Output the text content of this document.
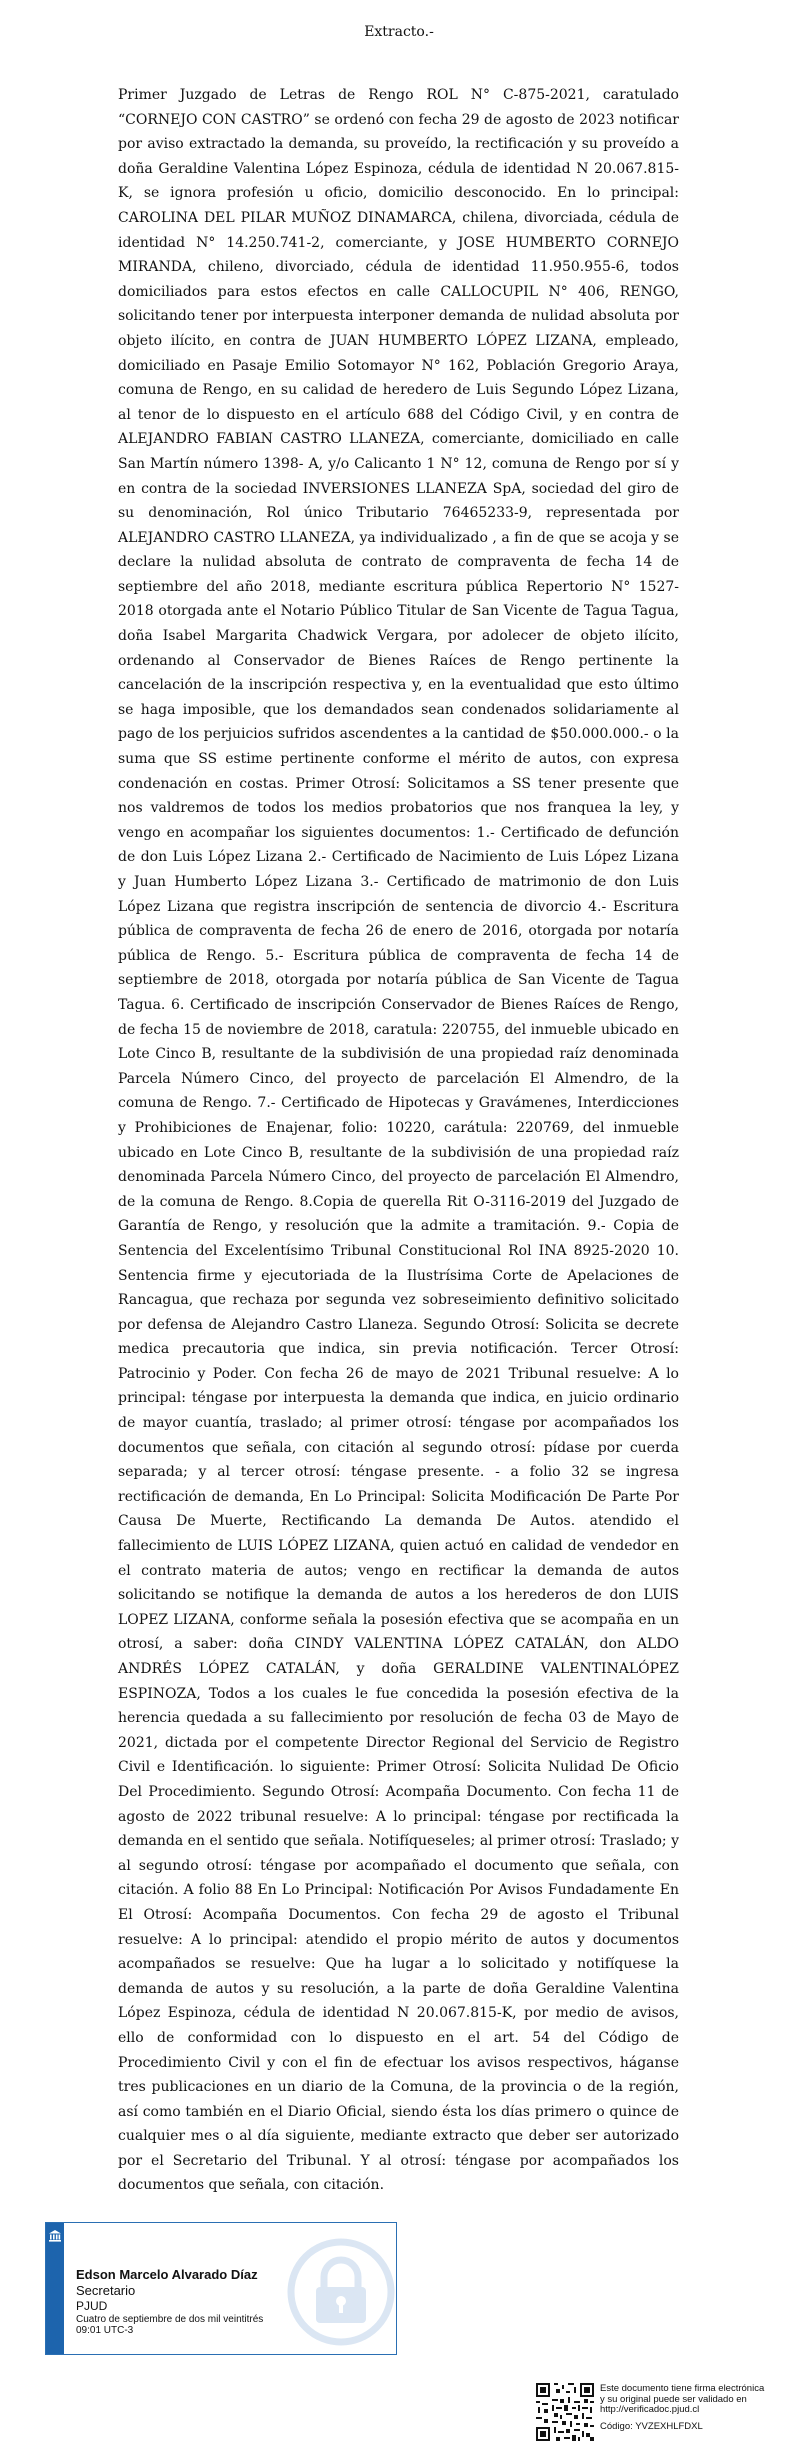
Extracto.-

Primer Juzgado de Letras de Rengo ROL N° C-875-2021, caratulado “CORNEJO CON CASTRO” se ordenó con fecha 29 de agosto de 2023 notificar por aviso extractado la demanda, su proveído, la rectificación y su proveído a doña Geraldine Valentina López Espinoza, cédula de identidad N 20.067.815-K, se ignora profesión u oficio, domicilio desconocido. En lo principal: CAROLINA DEL PILAR MUÑOZ DINAMARCA, chilena, divorciada, cédula de identidad N° 14.250.741-2, comerciante, y JOSE HUMBERTO CORNEJO MIRANDA, chileno, divorciado, cédula de identidad 11.950.955-6, todos domiciliados para estos efectos en calle CALLOCUPIL N° 406, RENGO, solicitando tener por interpuesta interponer demanda de nulidad absoluta por objeto ilícito, en contra de JUAN HUMBERTO LÓPEZ LIZANA, empleado, domiciliado en Pasaje Emilio Sotomayor N° 162, Población Gregorio Araya, comuna de Rengo, en su calidad de heredero de Luis Segundo López Lizana, al tenor de lo dispuesto en el artículo 688 del Código Civil, y en contra de ALEJANDRO FABIAN CASTRO LLANEZA, comerciante, domiciliado en calle San Martín número 1398- A, y/o Calicanto 1 N° 12, comuna de Rengo por sí y en contra de la sociedad INVERSIONES LLANEZA SpA, sociedad del giro de su denominación, Rol único Tributario 76465233-9, representada por ALEJANDRO CASTRO LLANEZA, ya individualizado , a fin de que se acoja y se declare la nulidad absoluta de contrato de compraventa de fecha 14 de septiembre del año 2018, mediante escritura pública Repertorio N° 1527- 2018 otorgada ante el Notario Público Titular de San Vicente de Tagua Tagua, doña Isabel Margarita Chadwick Vergara, por adolecer de objeto ilícito, ordenando al Conservador de Bienes Raíces de Rengo pertinente la cancelación de la inscripción respectiva y, en la eventualidad que esto último se haga imposible, que los demandados sean condenados solidariamente al pago de los perjuicios sufridos ascendentes a la cantidad de $50.000.000.- o la suma que SS estime pertinente conforme el mérito de autos, con expresa condenación en costas. Primer Otrosí: Solicitamos a SS tener presente que nos valdremos de todos los medios probatorios que nos franquea la ley, y vengo en acompañar los siguientes documentos: 1.- Certificado de defunción de don Luis López Lizana 2.- Certificado de Nacimiento de Luis López Lizana y Juan Humberto López Lizana 3.- Certificado de matrimonio de don Luis López Lizana que registra inscripción de sentencia de divorcio 4.- Escritura pública de compraventa de fecha 26 de enero de 2016, otorgada por notaría pública de Rengo. 5.- Escritura pública de compraventa de fecha 14 de septiembre de 2018, otorgada por notaría pública de San Vicente de Tagua Tagua. 6. Certificado de inscripción Conservador de Bienes Raíces de Rengo, de fecha 15 de noviembre de 2018, caratula: 220755, del inmueble ubicado en Lote Cinco B, resultante de la subdivisión de una propiedad raíz denominada Parcela Número Cinco, del proyecto de parcelación El Almendro, de la comuna de Rengo. 7.- Certificado de Hipotecas y Gravámenes, Interdicciones y Prohibiciones de Enajenar, folio: 10220, carátula: 220769, del inmueble ubicado en Lote Cinco B, resultante de la subdivisión de una propiedad raíz denominada Parcela Número Cinco, del proyecto de parcelación El Almendro, de la comuna de Rengo. 8.Copia de querella Rit O-3116-2019 del Juzgado de Garantía de Rengo, y resolución que la admite a tramitación. 9.- Copia de Sentencia del Excelentísimo Tribunal Constitucional Rol INA 8925-2020 10. Sentencia firme y ejecutoriada de la Ilustrísima Corte de Apelaciones de Rancagua, que rechaza por segunda vez sobreseimiento definitivo solicitado por defensa de Alejandro Castro Llaneza. Segundo Otrosí: Solicita se decrete medica precautoria que indica, sin previa notificación. Tercer Otrosí: Patrocinio y Poder. Con fecha 26 de mayo de 2021 Tribunal resuelve: A lo principal: téngase por interpuesta la demanda que indica, en juicio ordinario de mayor cuantía, traslado; al primer otrosí: téngase por acompañados los documentos que señala, con citación al segundo otrosí: pídase por cuerda separada; y al tercer otrosí: téngase presente. - a folio 32 se ingresa rectificación de demanda, En Lo Principal: Solicita Modificación De Parte Por Causa De Muerte, Rectificando La demanda De Autos. atendido el fallecimiento de LUIS LÓPEZ LIZANA, quien actuó en calidad de vendedor en el contrato materia de autos; vengo en rectificar la demanda de autos solicitando se notifique la demanda de autos a los herederos de don LUIS LOPEZ LIZANA, conforme señala la posesión efectiva que se acompaña en un otrosí, a saber: doña CINDY VALENTINA LÓPEZ CATALÁN, don ALDO ANDRÉS LÓPEZ CATALÁN, y doña GERALDINE VALENTINALÓPEZ ESPINOZA, Todos a los cuales le fue concedida la posesión efectiva de la herencia quedada a su fallecimiento por resolución de fecha 03 de Mayo de 2021, dictada por el competente Director Regional del Servicio de Registro Civil e Identificación. lo siguiente: Primer Otrosí: Solicita Nulidad De Oficio Del Procedimiento. Segundo Otrosí: Acompaña Documento. Con fecha 11 de agosto de 2022 tribunal resuelve: A lo principal: téngase por rectificada la demanda en el sentido que señala. Notifíqueseles; al primer otrosí: Traslado; y al segundo otrosí: téngase por acompañado el documento que señala, con citación. A folio 88 En Lo Principal: Notificación Por Avisos Fundadamente En El Otrosí: Acompaña Documentos. Con fecha 29 de agosto el Tribunal resuelve: A lo principal: atendido el propio mérito de autos y documentos acompañados se resuelve: Que ha lugar a lo solicitado y notifíquese la demanda de autos y su resolución, a la parte de doña Geraldine Valentina López Espinoza, cédula de identidad N 20.067.815-K, por medio de avisos, ello de conformidad con lo dispuesto en el art. 54 del Código de Procedimiento Civil y con el fin de efectuar los avisos respectivos, háganse tres publicaciones en un diario de la Comuna, de la provincia o de la región, así como también en el Diario Oficial, siendo ésta los días primero o quince de cualquier mes o al día siguiente, mediante extracto que deber ser autorizado por el Secretario del Tribunal. Y al otrosí: téngase por acompañados los documentos que señala, con citación.

Edson Marcelo Alvarado Díaz
Secretario
PJUD
Cuatro de septiembre de dos mil veintitrés
09:01 UTC-3
Este documento tiene firma electrónica
y su original puede ser validado en
http://verificadoc.pjud.cl
Código: YVZEXHLFDXL
